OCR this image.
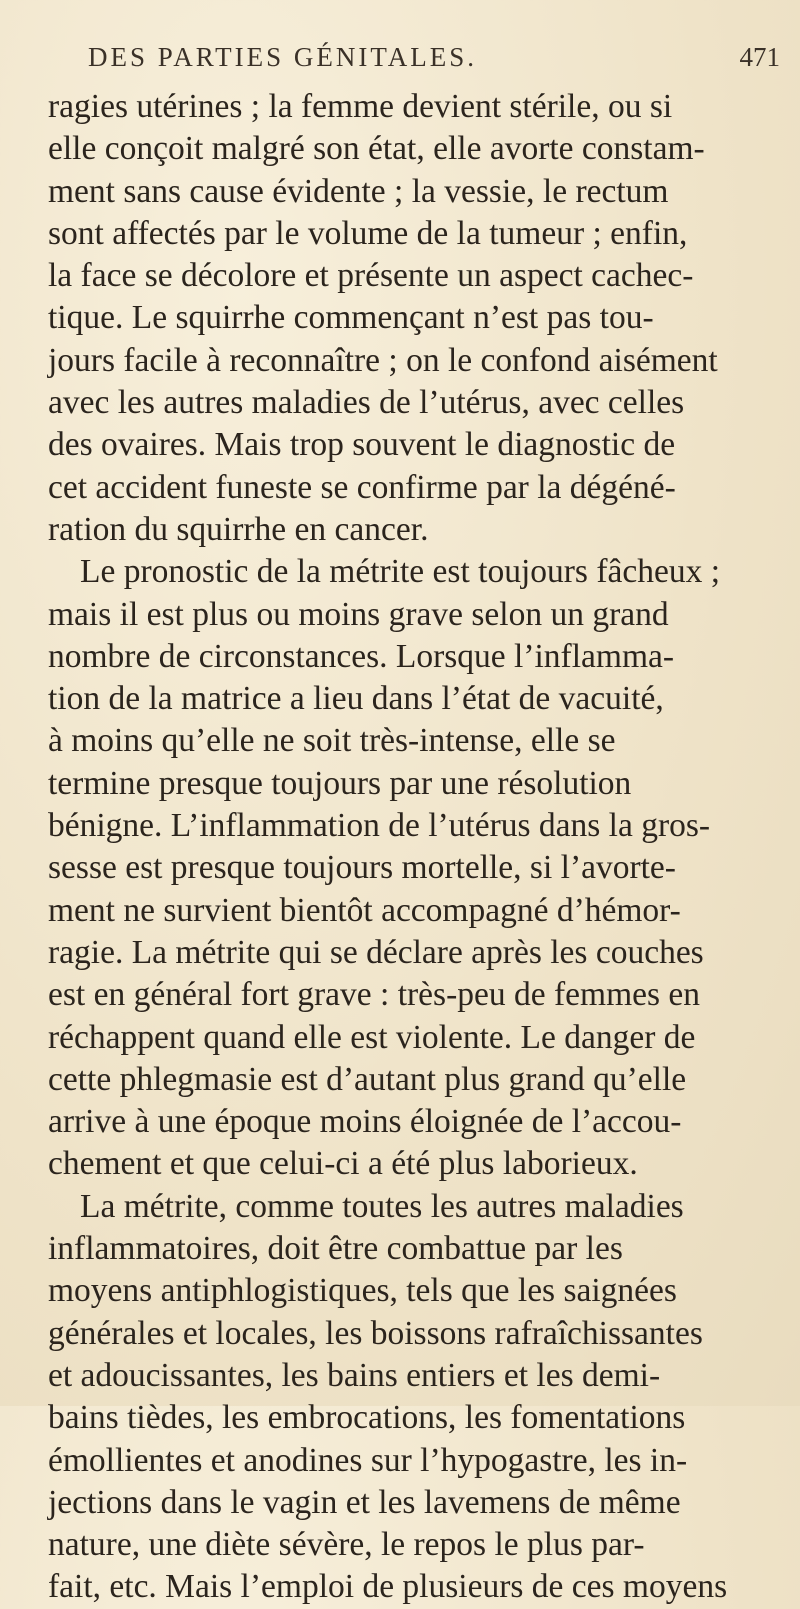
DES PARTIES GÉNITALES.	471
ragies utérines ; la femme devient stérile, ou si
elle conçoit malgré son état, elle avorte constam-
ment sans cause évidente ; la vessie, le rectum
sont affectés par le volume de la tumeur ; enfin,
la face se décolore et présente un aspect cachec-
tique. Le squirrhe commençant n’est pas tou-
jours facile à reconnaître ; on le confond aisément
avec les autres maladies de l’utérus, avec celles
des ovaires. Mais trop souvent le diagnostic de
cet accident funeste se confirme par la dégéné-
ration du squirrhe en cancer.
Le pronostic de la métrite est toujours fâcheux ;
mais il est plus ou moins grave selon un grand
nombre de circonstances. Lorsque l’inflamma-
tion de la matrice a lieu dans l’état de vacuité,
à moins qu’elle ne soit très-intense, elle se
termine presque toujours par une résolution
bénigne. L’inflammation de l’utérus dans la gros-
sesse est presque toujours mortelle, si l’avorte-
ment ne survient bientôt accompagné d’hémor-
ragie. La métrite qui se déclare après les couches
est en général fort grave : très-peu de femmes en
réchappent quand elle est violente. Le danger de
cette phlegmasie est d’autant plus grand qu’elle
arrive à une époque moins éloignée de l’accou-
chement et que celui-ci a été plus laborieux.
La métrite, comme toutes les autres maladies
inflammatoires, doit être combattue par les
moyens antiphlogistiques, tels que les saignées
générales et locales, les boissons rafraîchissantes
et adoucissantes, les bains entiers et les demi-
bains tièdes, les embrocations, les fomentations
émollientes et anodines sur l’hypogastre, les in-
jections dans le vagin et les lavemens de même
nature, une diète sévère, le repos le plus par-
fait, etc. Mais l’emploi de plusieurs de ces moyens
